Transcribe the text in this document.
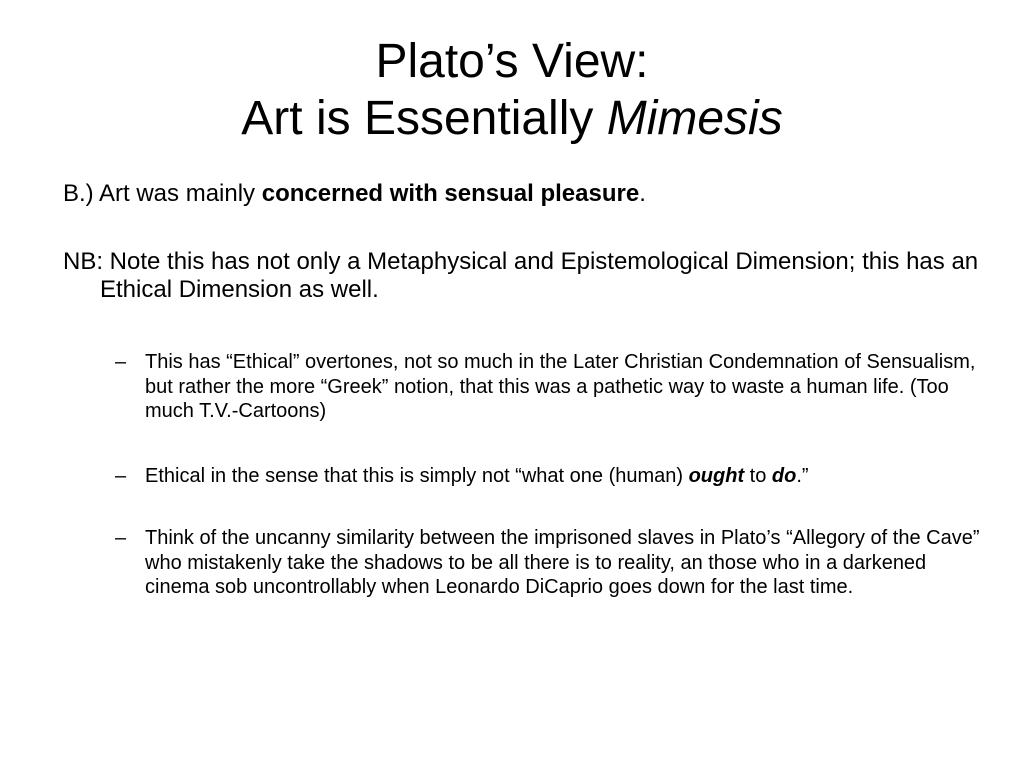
Plato’s View:
Art is Essentially Mimesis

B.) Art was mainly concerned with sensual pleasure.

NB: Note this has not only a Metaphysical and Epistemological Dimension; this has an Ethical Dimension as well.

– This has “Ethical” overtones, not so much in the Later Christian Condemnation of Sensualism, but rather the more “Greek” notion, that this was a pathetic way to waste a human life. (Too much T.V.-Cartoons)

– Ethical in the sense that this is simply not “what one (human) ought to do.”

– Think of the uncanny similarity between the imprisoned slaves in Plato’s “Allegory of the Cave” who mistakenly take the shadows to be all there is to reality, an those who in a darkened cinema sob uncontrollably when Leonardo DiCaprio goes down for the last time.
